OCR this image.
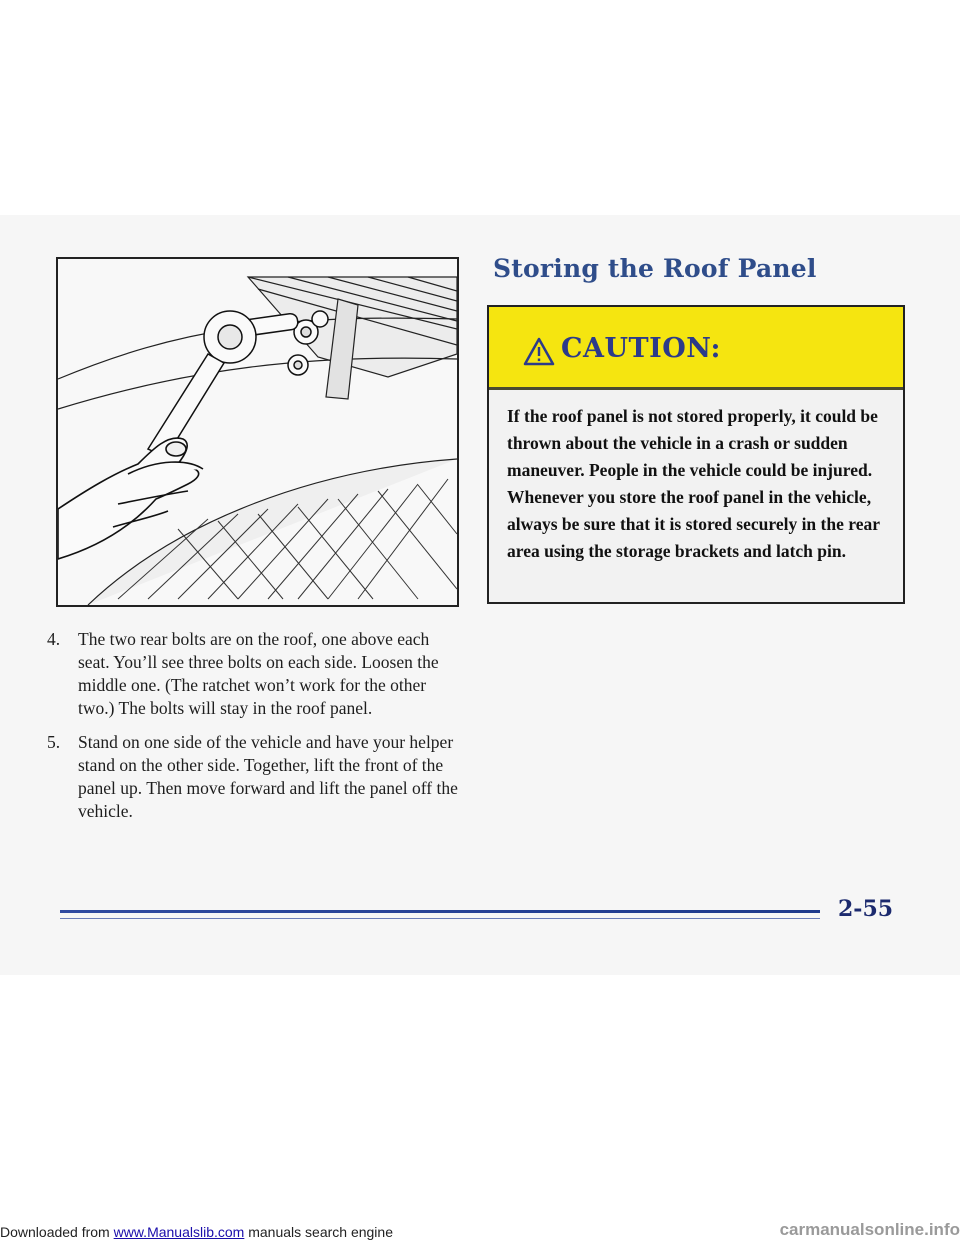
Storing the Roof Panel
CAUTION:

If the roof panel is not stored properly, it could be thrown about the vehicle in a crash or sudden maneuver. People in the vehicle could be injured. Whenever you store the roof panel in the vehicle, always be sure that it is stored securely in the rear area using the storage brackets and latch pin.

4. The two rear bolts are on the roof, one above each seat. You’ll see three bolts on each side. Loosen the middle one. (The ratchet won’t work for the other two.) The bolts will stay in the roof panel.
5. Stand on one side of the vehicle and have your helper stand on the other side. Together, lift the front of the panel up. Then move forward and lift the panel off the vehicle.
2-55
Downloaded from www.Manualslib.com manuals search engine	carmanualsonline.info
